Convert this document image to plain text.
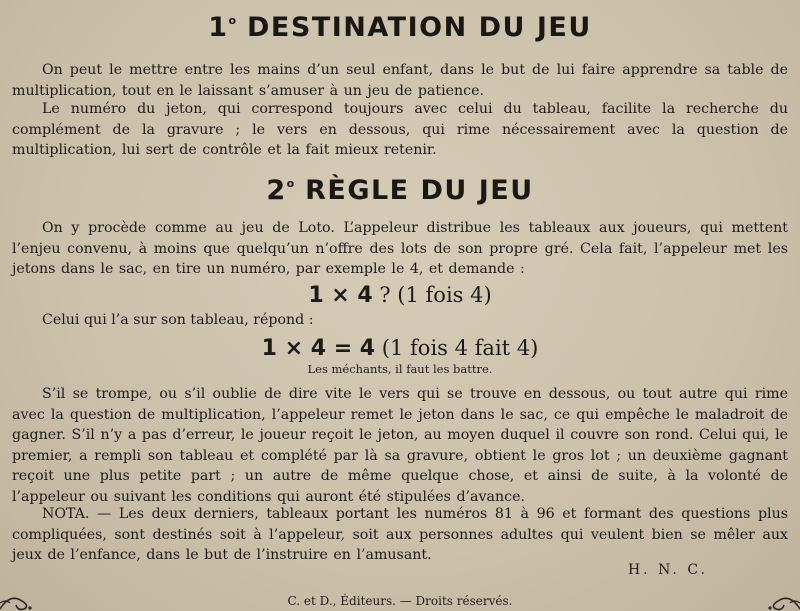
1$^o$ DESTINATION DU JEU

On peut le mettre entre les mains d’un seul enfant, dans le but de lui faire apprendre sa table de multiplication, tout en le laissant s’amuser à un jeu de patience.

Le numéro du jeton, qui correspond toujours avec celui du tableau, facilite la recherche du complément de la gravure ; le vers en dessous, qui rime nécessairement avec la question de multiplication, lui sert de contrôle et la fait mieux retenir.

2$^o$ RÈGLE DU JEU

On y procède comme au jeu de Loto. L’appeleur distribue les tableaux aux joueurs, qui mettent l’enjeu convenu, à moins que quelqu’un n’offre des lots de son propre gré. Cela fait, l’appeleur met les jetons dans le sac, en tire un numéro, par exemple le 4, et demande :

1 × 4 ? (1 fois 4)

Celui qui l’a sur son tableau, répond :

1 × 4 = 4 (1 fois 4 fait 4)

Les méchants, il faut les battre.

S’il se trompe, ou s’il oublie de dire vite le vers qui se trouve en dessous, ou tout autre qui rime avec la question de multiplication, l’appeleur remet le jeton dans le sac, ce qui empêche le maladroit de gagner. S’il n’y a pas d’erreur, le joueur reçoit le jeton, au moyen duquel il couvre son rond. Celui qui, le premier, a rempli son tableau et complété par là sa gravure, obtient le gros lot ; un deuxième gagnant reçoit une plus petite part ; un autre de même quelque chose, et ainsi de suite, à la volonté de l’appeleur ou suivant les conditions qui auront été stipulées d’avance.

NOTA. — Les deux derniers, tableaux portant les numéros 81 à 96 et formant des questions plus compliquées, sont destinés soit à l’appeleur, soit aux personnes adultes qui veulent bien se mêler aux jeux de l’enfance, dans le but de l’instruire en l’amusant.

H. N. C.

C. et D., Éditeurs. — Droits réservés.
